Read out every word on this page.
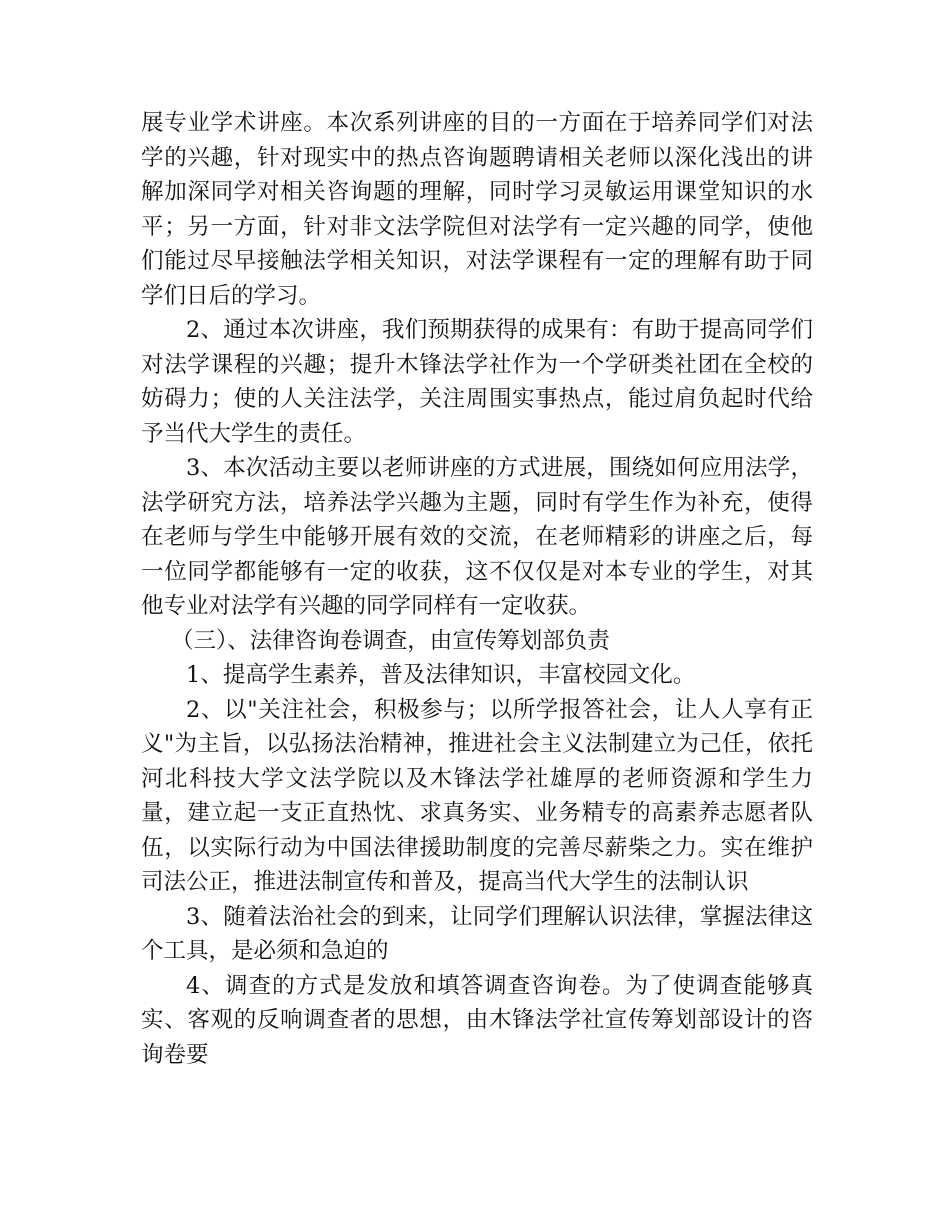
展专业学术讲座。本次系列讲座的目的一方面在于培养同学们对法学的兴趣，针对现实中的热点咨询题聘请相关老师以深化浅出的讲解加深同学对相关咨询题的理解，同时学习灵敏运用课堂知识的水平；另一方面，针对非文法学院但对法学有一定兴趣的同学，使他们能过尽早接触法学相关知识，对法学课程有一定的理解有助于同学们日后的学习。

2、通过本次讲座，我们预期获得的成果有：有助于提高同学们对法学课程的兴趣；提升木锋法学社作为一个学研类社团在全校的妨碍力；使的人关注法学，关注周围实事热点，能过肩负起时代给予当代大学生的责任。

3、本次活动主要以老师讲座的方式进展，围绕如何应用法学，法学研究方法，培养法学兴趣为主题，同时有学生作为补充，使得在老师与学生中能够开展有效的交流，在老师精彩的讲座之后，每一位同学都能够有一定的收获，这不仅仅是对本专业的学生，对其他专业对法学有兴趣的同学同样有一定收获。

（三）、法律咨询卷调查，由宣传筹划部负责

1、提高学生素养，普及法律知识，丰富校园文化。

2、以"关注社会，积极参与；以所学报答社会，让人人享有正义"为主旨，以弘扬法治精神，推进社会主义法制建立为己任，依托河北科技大学文法学院以及木锋法学社雄厚的老师资源和学生力量，建立起一支正直热忱、求真务实、业务精专的高素养志愿者队伍，以实际行动为中国法律援助制度的完善尽薪柴之力。实在维护司法公正，推进法制宣传和普及，提高当代大学生的法制认识

3、随着法治社会的到来，让同学们理解认识法律，掌握法律这个工具，是必须和急迫的

4、调查的方式是发放和填答调查咨询卷。为了使调查能够真实、客观的反响调查者的思想，由木锋法学社宣传筹划部设计的咨询卷要
